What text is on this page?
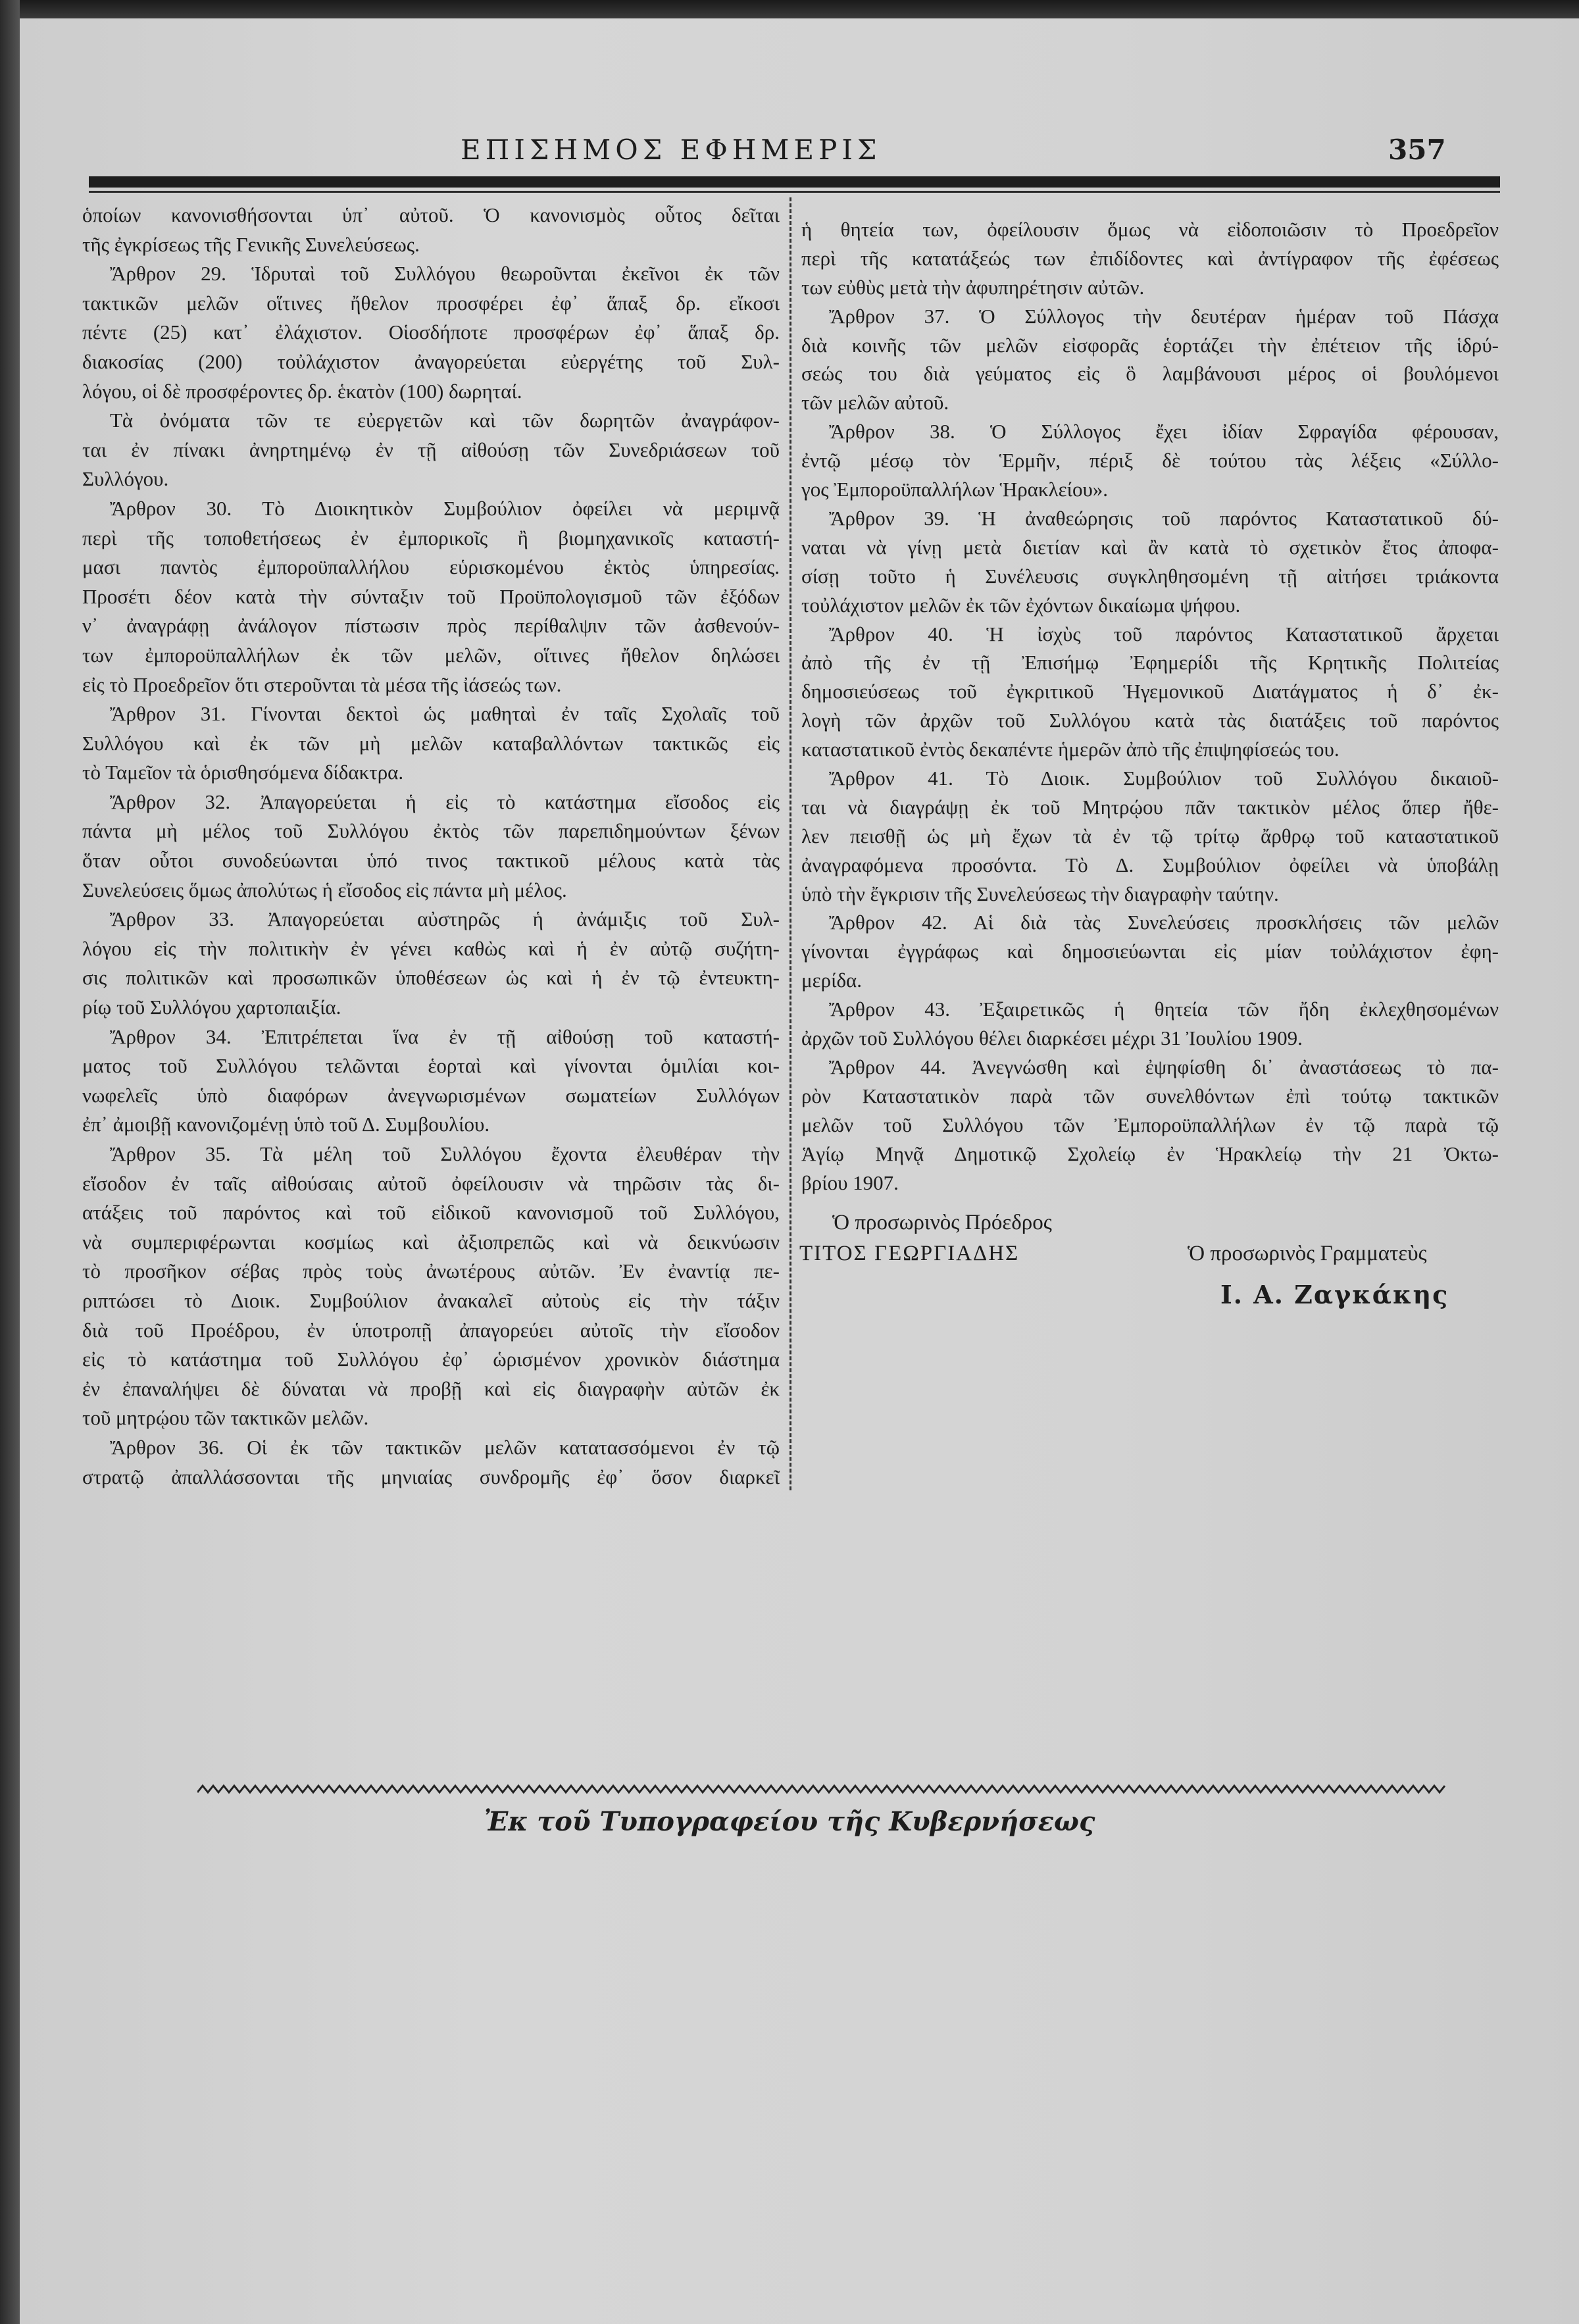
ΕΠΙΣΗΜΟΣ ΕΦΗΜΕΡΙΣ	357
ὁποίων κανονισθήσονται ὑπ᾽ αὐτοῦ. Ὁ κανονισμὸς οὗτος δεῖται
τῆς ἐγκρίσεως τῆς Γενικῆς Συνελεύσεως.
Ἄρθρον 29. Ἱδρυταὶ τοῦ Συλλόγου θεωροῦνται ἐκεῖνοι ἐκ τῶν
τακτικῶν μελῶν οἵτινες ἤθελον προσφέρει ἐφ᾽ ἅπαξ δρ. εἴκοσι
πέντε (25) κατ᾽ ἐλάχιστον. Οἱοσδήποτε προσφέρων ἐφ᾽ ἅπαξ δρ.
διακοσίας (200) τοὐλάχιστον ἀναγορεύεται εὐεργέτης τοῦ Συλ-
λόγου, οἱ δὲ προσφέροντες δρ. ἑκατὸν (100) δωρηταί.
Τὰ ὀνόματα τῶν τε εὐεργετῶν καὶ τῶν δωρητῶν ἀναγράφον-
ται ἐν πίνακι ἀνηρτημένῳ ἐν τῇ αἰθούσῃ τῶν Συνεδριάσεων τοῦ
Συλλόγου.
Ἄρθρον 30. Τὸ Διοικητικὸν Συμβούλιον ὀφείλει νὰ μεριμνᾷ
περὶ τῆς τοποθετήσεως ἐν ἐμπορικοῖς ἢ βιομηχανικοῖς καταστή-
μασι παντὸς ἐμποροϋπαλλήλου εὑρισκομένου ἐκτὸς ὑπηρεσίας.
Προσέτι δέον κατὰ τὴν σύνταξιν τοῦ Προϋπολογισμοῦ τῶν ἐξόδων
ν᾽ ἀναγράφῃ ἀνάλογον πίστωσιν πρὸς περίθαλψιν τῶν ἀσθενούν-
των ἐμποροϋπαλλήλων ἐκ τῶν μελῶν, οἵτινες ἤθελον δηλώσει
εἰς τὸ Προεδρεῖον ὅτι στεροῦνται τὰ μέσα τῆς ἰάσεώς των.
Ἄρθρον 31. Γίνονται δεκτοὶ ὡς μαθηταὶ ἐν ταῖς Σχολαῖς τοῦ
Συλλόγου καὶ ἐκ τῶν μὴ μελῶν καταβαλλόντων τακτικῶς εἰς
τὸ Ταμεῖον τὰ ὁρισθησόμενα δίδακτρα.
Ἄρθρον 32. Ἀπαγορεύεται ἡ εἰς τὸ κατάστημα εἴσοδος εἰς
πάντα μὴ μέλος τοῦ Συλλόγου ἐκτὸς τῶν παρεπιδημούντων ξένων
ὅταν οὗτοι συνοδεύωνται ὑπό τινος τακτικοῦ μέλους κατὰ τὰς
Συνελεύσεις ὅμως ἀπολύτως ἡ εἴσοδος εἰς πάντα μὴ μέλος.
Ἄρθρον 33. Ἀπαγορεύεται αὐστηρῶς ἡ ἀνάμιξις τοῦ Συλ-
λόγου εἰς τὴν πολιτικὴν ἐν γένει καθὼς καὶ ἡ ἐν αὐτῷ συζήτη-
σις πολιτικῶν καὶ προσωπικῶν ὑποθέσεων ὡς καὶ ἡ ἐν τῷ ἐντευκτη-
ρίῳ τοῦ Συλλόγου χαρτοπαιξία.
Ἄρθρον 34. Ἐπιτρέπεται ἵνα ἐν τῇ αἰθούσῃ τοῦ καταστή-
ματος τοῦ Συλλόγου τελῶνται ἑορταὶ καὶ γίνονται ὁμιλίαι κοι-
νωφελεῖς ὑπὸ διαφόρων ἀνεγνωρισμένων σωματείων Συλλόγων
ἐπ᾽ ἀμοιβῇ κανονιζομένῃ ὑπὸ τοῦ Δ. Συμβουλίου.
Ἄρθρον 35. Τὰ μέλη τοῦ Συλλόγου ἔχοντα ἐλευθέραν τὴν
εἴσοδον ἐν ταῖς αἰθούσαις αὐτοῦ ὀφείλουσιν νὰ τηρῶσιν τὰς δι-
ατάξεις τοῦ παρόντος καὶ τοῦ εἰδικοῦ κανονισμοῦ τοῦ Συλλόγου,
νὰ συμπεριφέρωνται κοσμίως καὶ ἀξιοπρεπῶς καὶ νὰ δεικνύωσιν
τὸ προσῆκον σέβας πρὸς τοὺς ἀνωτέρους αὐτῶν. Ἐν ἐναντίᾳ πε-
ριπτώσει τὸ Διοικ. Συμβούλιον ἀνακαλεῖ αὐτοὺς εἰς τὴν τάξιν
διὰ τοῦ Προέδρου, ἐν ὑποτροπῇ ἀπαγορεύει αὐτοῖς τὴν εἴσοδον
εἰς τὸ κατάστημα τοῦ Συλλόγου ἐφ᾽ ὡρισμένον χρονικὸν διάστημα
ἐν ἐπαναλήψει δὲ δύναται νὰ προβῇ καὶ εἰς διαγραφὴν αὐτῶν ἐκ
τοῦ μητρῴου τῶν τακτικῶν μελῶν.
Ἄρθρον 36. Οἱ ἐκ τῶν τακτικῶν μελῶν κατατασσόμενοι ἐν τῷ
στρατῷ ἀπαλλάσσονται τῆς μηνιαίας συνδρομῆς ἐφ᾽ ὅσον διαρκεῖ
ἡ θητεία των, ὀφείλουσιν ὅμως νὰ εἰδοποιῶσιν τὸ Προεδρεῖον
περὶ τῆς κατατάξεώς των ἐπιδίδοντες καὶ ἀντίγραφον τῆς ἐφέσεως
των εὐθὺς μετὰ τὴν ἀφυπηρέτησιν αὐτῶν.
Ἄρθρον 37. Ὁ Σύλλογος τὴν δευτέραν ἡμέραν τοῦ Πάσχα
διὰ κοινῆς τῶν μελῶν εἰσφορᾶς ἑορτάζει τὴν ἐπέτειον τῆς ἱδρύ-
σεώς του διὰ γεύματος εἰς ὃ λαμβάνουσι μέρος οἱ βουλόμενοι
τῶν μελῶν αὐτοῦ.
Ἄρθρον 38. Ὁ Σύλλογος ἔχει ἰδίαν Σφραγίδα φέρουσαν,
ἐντῷ μέσῳ τὸν Ἑρμῆν, πέριξ δὲ τούτου τὰς λέξεις «Σύλλο-
γος Ἐμποροϋπαλλήλων Ἡρακλείου».
Ἄρθρον 39. Ἡ ἀναθεώρησις τοῦ παρόντος Καταστατικοῦ δύ-
ναται νὰ γίνῃ μετὰ διετίαν καὶ ἂν κατὰ τὸ σχετικὸν ἔτος ἀποφα-
σίσῃ τοῦτο ἡ Συνέλευσις συγκληθησομένη τῇ αἰτήσει τριάκοντα
τοὐλάχιστον μελῶν ἐκ τῶν ἐχόντων δικαίωμα ψήφου.
Ἄρθρον 40. Ἡ ἰσχὺς τοῦ παρόντος Καταστατικοῦ ἄρχεται
ἀπὸ τῆς ἐν τῇ Ἐπισήμῳ Ἐφημερίδι τῆς Κρητικῆς Πολιτείας
δημοσιεύσεως τοῦ ἐγκριτικοῦ Ἡγεμονικοῦ Διατάγματος ἡ δ᾽ ἐκ-
λογὴ τῶν ἀρχῶν τοῦ Συλλόγου κατὰ τὰς διατάξεις τοῦ παρόντος
καταστατικοῦ ἐντὸς δεκαπέντε ἡμερῶν ἀπὸ τῆς ἐπιψηφίσεώς του.
Ἄρθρον 41. Τὸ Διοικ. Συμβούλιον τοῦ Συλλόγου δικαιοῦ-
ται νὰ διαγράψῃ ἐκ τοῦ Μητρῴου πᾶν τακτικὸν μέλος ὅπερ ἤθε-
λεν πεισθῇ ὡς μὴ ἔχων τὰ ἐν τῷ τρίτῳ ἄρθρῳ τοῦ καταστατικοῦ
ἀναγραφόμενα προσόντα. Τὸ Δ. Συμβούλιον ὀφείλει νὰ ὑποβάλῃ
ὑπὸ τὴν ἔγκρισιν τῆς Συνελεύσεως τὴν διαγραφὴν ταύτην.
Ἄρθρον 42. Αἱ διὰ τὰς Συνελεύσεις προσκλήσεις τῶν μελῶν
γίνονται ἐγγράφως καὶ δημοσιεύωνται εἰς μίαν τοὐλάχιστον ἐφη-
μερίδα.
Ἄρθρον 43. Ἐξαιρετικῶς ἡ θητεία τῶν ἤδη ἐκλεχθησομένων
ἀρχῶν τοῦ Συλλόγου θέλει διαρκέσει μέχρι 31 Ἰουλίου 1909.
Ἄρθρον 44. Ἀνεγνώσθη καὶ ἐψηφίσθη δι᾽ ἀναστάσεως τὸ πα-
ρὸν Καταστατικὸν παρὰ τῶν συνελθόντων ἐπὶ τούτῳ τακτικῶν
μελῶν τοῦ Συλλόγου τῶν Ἐμποροϋπαλλήλων ἐν τῷ παρὰ τῷ
Ἁγίῳ Μηνᾷ Δημοτικῷ Σχολείῳ ἐν Ἡρακλείῳ τὴν 21 Ὀκτω-
βρίου 1907.
Ὁ προσωρινὸς Πρόεδρος
ΤΙΤΟΣ ΓΕΩΡΓΙΑΔΗΣ	Ὁ προσωρινὸς Γραμματεὺς
Ι. Α. Ζαγκάκης
Ἐκ τοῦ Τυπογραφείου τῆς Κυβερνήσεως
